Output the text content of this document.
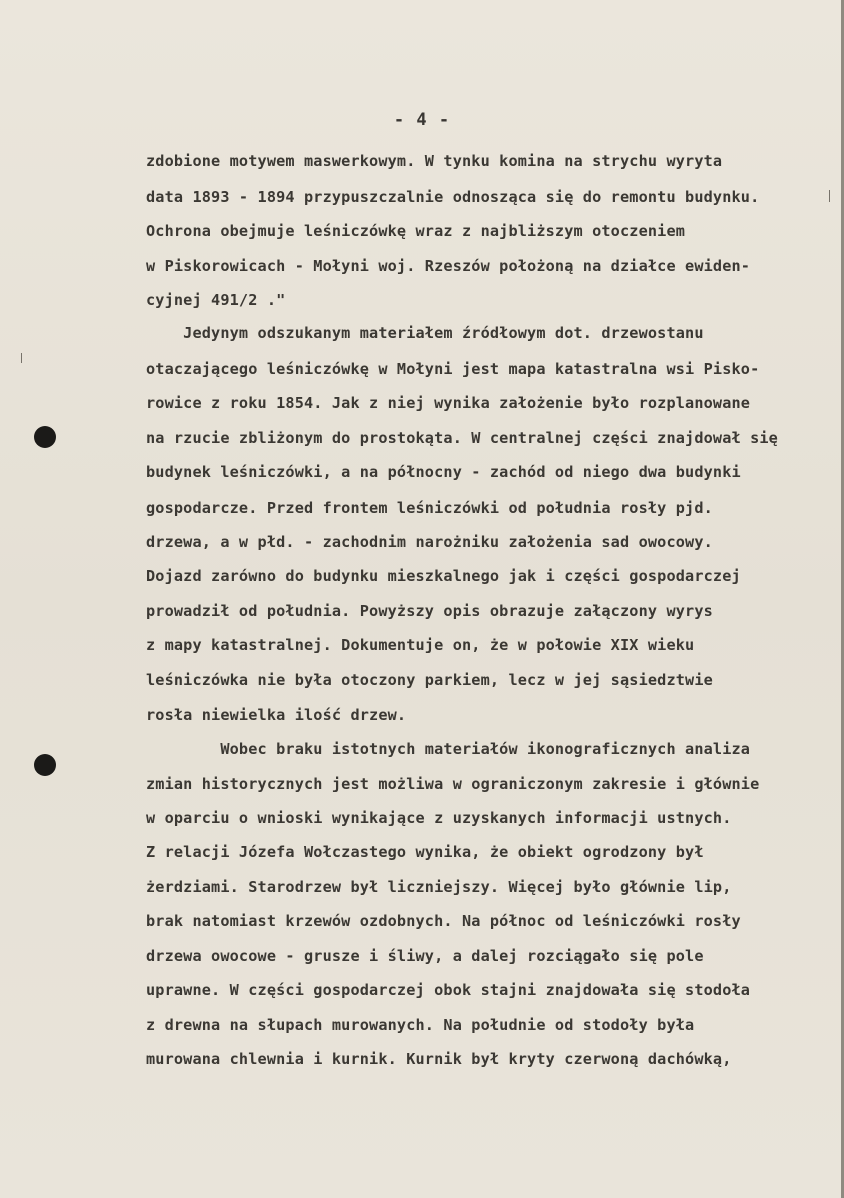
- 4 -
zdobione motywem maswerkowym. W tynku komina na strychu wyryta
data 1893 - 1894 przypuszczalnie odnosząca się do remontu budynku.
Ochrona obejmuje leśniczówkę wraz z najbliższym otoczeniem
w Piskorowicach - Mołyni woj. Rzeszów położoną na działce ewiden-
cyjnej 491/2 ."
Jedynym odszukanym materiałem źródłowym dot. drzewostanu
otaczającego leśniczówkę w Mołyni jest mapa katastralna wsi Pisko-
rowice z roku 1854. Jak z niej wynika założenie było rozplanowane
na rzucie zbliżonym do prostokąta. W centralnej części znajdował się
budynek leśniczówki, a na północny - zachód od niego dwa budynki
gospodarcze. Przed frontem leśniczówki od południa rosły pjd.
drzewa, a w płd. - zachodnim narożniku założenia sad owocowy.
Dojazd zarówno do budynku mieszkalnego jak i części gospodarczej
prowadził od południa. Powyższy opis obrazuje załączony wyrys
z mapy katastralnej. Dokumentuje on, że w połowie XIX wieku
leśniczówka nie była otoczony parkiem, lecz w jej sąsiedztwie
rosła niewielka ilość drzew.
Wobec braku istotnych materiałów ikonograficznych analiza
zmian historycznych jest możliwa w ograniczonym zakresie i głównie
w oparciu o wnioski wynikające z uzyskanych informacji ustnych.
Z relacji Józefa Wołczastego wynika, że obiekt ogrodzony był
żerdziami. Starodrzew był liczniejszy. Więcej było głównie lip,
brak natomiast krzewów ozdobnych. Na północ od leśniczówki rosły
drzewa owocowe - grusze i śliwy, a dalej rozciągało się pole
uprawne. W części gospodarczej obok stajni znajdowała się stodoła
z drewna na słupach murowanych. Na południe od stodoły była
murowana chlewnia i kurnik. Kurnik był kryty czerwoną dachówką,
